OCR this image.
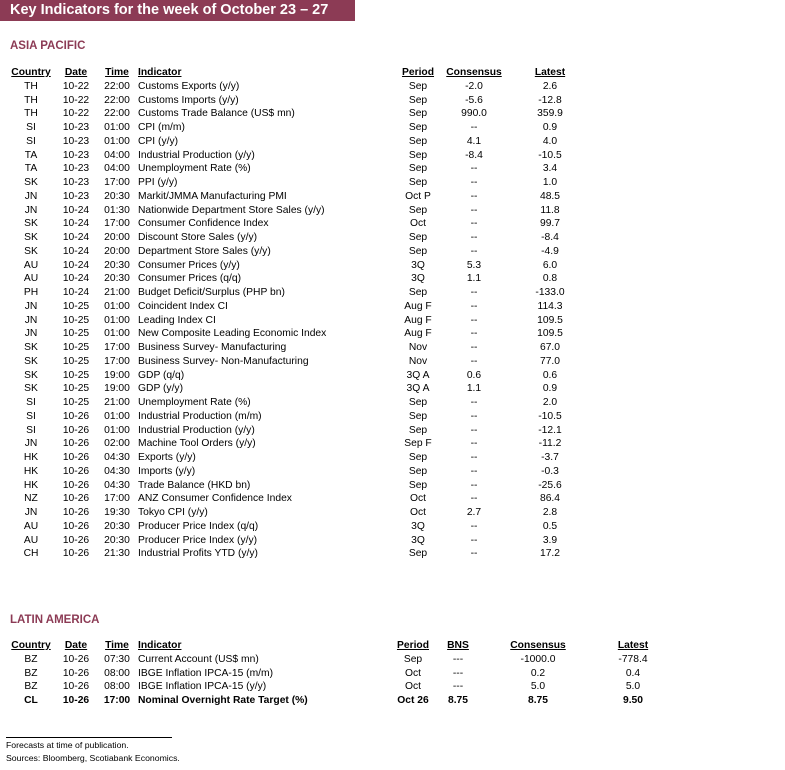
Key Indicators for the week of October 23 – 27
ASIA PACIFIC
Country	Date	Time	Indicator	Period	Consensus	Latest
TH	10-22	22:00	Customs Exports (y/y)	Sep	-2.0	2.6
TH	10-22	22:00	Customs Imports (y/y)	Sep	-5.6	-12.8
TH	10-22	22:00	Customs Trade Balance (US$ mn)	Sep	990.0	359.9
SI	10-23	01:00	CPI (m/m)	Sep	--	0.9
SI	10-23	01:00	CPI (y/y)	Sep	4.1	4.0
TA	10-23	04:00	Industrial Production (y/y)	Sep	-8.4	-10.5
TA	10-23	04:00	Unemployment Rate (%)	Sep	--	3.4
SK	10-23	17:00	PPI (y/y)	Sep	--	1.0
JN	10-23	20:30	Markit/JMMA Manufacturing PMI	Oct P	--	48.5
JN	10-24	01:30	Nationwide Department Store Sales (y/y)	Sep	--	11.8
SK	10-24	17:00	Consumer Confidence Index	Oct	--	99.7
SK	10-24	20:00	Discount Store Sales (y/y)	Sep	--	-8.4
SK	10-24	20:00	Department Store Sales (y/y)	Sep	--	-4.9
AU	10-24	20:30	Consumer Prices (y/y)	3Q	5.3	6.0
AU	10-24	20:30	Consumer Prices (q/q)	3Q	1.1	0.8
PH	10-24	21:00	Budget Deficit/Surplus (PHP bn)	Sep	--	-133.0
JN	10-25	01:00	Coincident Index CI	Aug F	--	114.3
JN	10-25	01:00	Leading Index CI	Aug F	--	109.5
JN	10-25	01:00	New Composite Leading Economic Index	Aug F	--	109.5
SK	10-25	17:00	Business Survey- Manufacturing	Nov	--	67.0
SK	10-25	17:00	Business Survey- Non-Manufacturing	Nov	--	77.0
SK	10-25	19:00	GDP (q/q)	3Q A	0.6	0.6
SK	10-25	19:00	GDP (y/y)	3Q A	1.1	0.9
SI	10-25	21:00	Unemployment Rate (%)	Sep	--	2.0
SI	10-26	01:00	Industrial Production (m/m)	Sep	--	-10.5
SI	10-26	01:00	Industrial Production (y/y)	Sep	--	-12.1
JN	10-26	02:00	Machine Tool Orders (y/y)	Sep F	--	-11.2
HK	10-26	04:30	Exports (y/y)	Sep	--	-3.7
HK	10-26	04:30	Imports (y/y)	Sep	--	-0.3
HK	10-26	04:30	Trade Balance (HKD bn)	Sep	--	-25.6
NZ	10-26	17:00	ANZ Consumer Confidence Index	Oct	--	86.4
JN	10-26	19:30	Tokyo CPI (y/y)	Oct	2.7	2.8
AU	10-26	20:30	Producer Price Index (q/q)	3Q	--	0.5
AU	10-26	20:30	Producer Price Index (y/y)	3Q	--	3.9
CH	10-26	21:30	Industrial Profits YTD (y/y)	Sep	--	17.2
LATIN AMERICA
Country	Date	Time	Indicator	Period	BNS	Consensus	Latest
BZ	10-26	07:30	Current Account (US$ mn)	Sep	---	-1000.0	-778.4
BZ	10-26	08:00	IBGE Inflation IPCA-15 (m/m)	Oct	---	0.2	0.4
BZ	10-26	08:00	IBGE Inflation IPCA-15 (y/y)	Oct	---	5.0	5.0
CL	10-26	17:00	Nominal Overnight Rate Target (%)	Oct 26	8.75	8.75	9.50
Forecasts at time of publication.
Sources: Bloomberg, Scotiabank Economics.
